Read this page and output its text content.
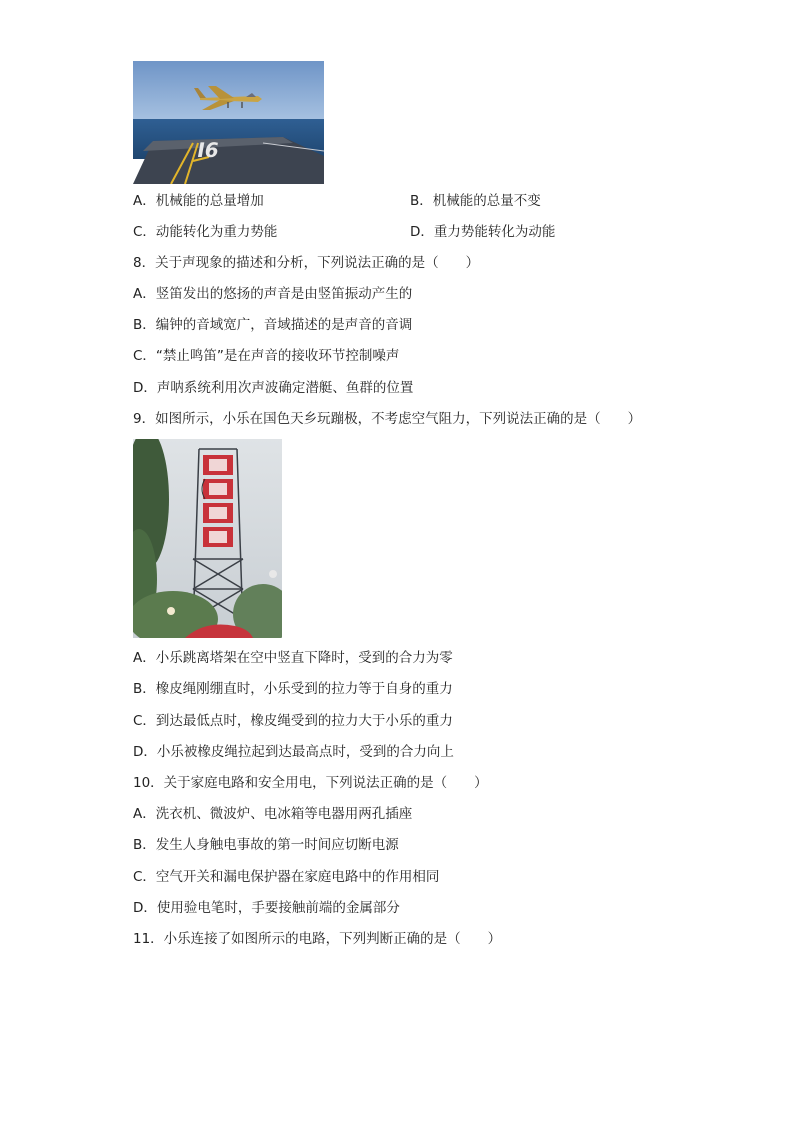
I6
A．机械能的总量增加	B．机械能的总量不变
C．动能转化为重力势能	D．重力势能转化为动能
8．关于声现象的描述和分析，下列说法正确的是（　　）
A．竖笛发出的悠扬的声音是由竖笛振动产生的
B．编钟的音域宽广，音域描述的是声音的音调
C．“禁止鸣笛”是在声音的接收环节控制噪声
D．声呐系统利用次声波确定潜艇、鱼群的位置
9．如图所示，小乐在国色天乡玩蹦极，不考虑空气阻力，下列说法正确的是（　　）
A．小乐跳离塔架在空中竖直下降时，受到的合力为零
B．橡皮绳刚绷直时，小乐受到的拉力等于自身的重力
C．到达最低点时，橡皮绳受到的拉力大于小乐的重力
D．小乐被橡皮绳拉起到达最高点时，受到的合力向上
10．关于家庭电路和安全用电，下列说法正确的是（　　）
A．洗衣机、微波炉、电冰箱等电器用两孔插座
B．发生人身触电事故的第一时间应切断电源
C．空气开关和漏电保护器在家庭电路中的作用相同
D．使用验电笔时，手要接触前端的金属部分
11．小乐连接了如图所示的电路，下列判断正确的是（　　）
